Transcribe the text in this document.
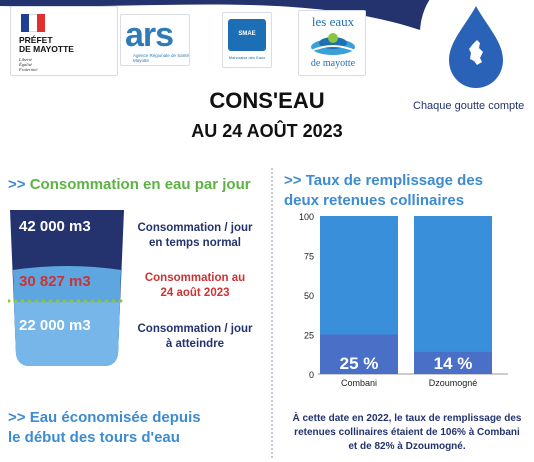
PRÉFET
DE MAYOTTE
Liberté
Égalité
Fraternité
ars
Agence Régionale de Santé Mayotte
SMAE
Mahoraise des Eaux
les eaux
de mayotte
Chaque goutte compte
CONS'EAU
AU 24 AOÛT 2023
>> Consommation en eau par jour
42 000 m3
30 827 m3
22 000 m3
Consommation / jour
en temps normal
Consommation au
24 août 2023
Consommation / jour
à atteindre
>> Taux de remplissage des
deux retenues collinaires
0
25
50
75
100
25 %
Combani
14 %
Dzoumogné
À cette date en 2022, le taux de remplissage des
retenues collinaires étaient de 106% à Combani
et de 82% à Dzoumogné.
>> Eau économisée depuis
le début des tours d'eau
